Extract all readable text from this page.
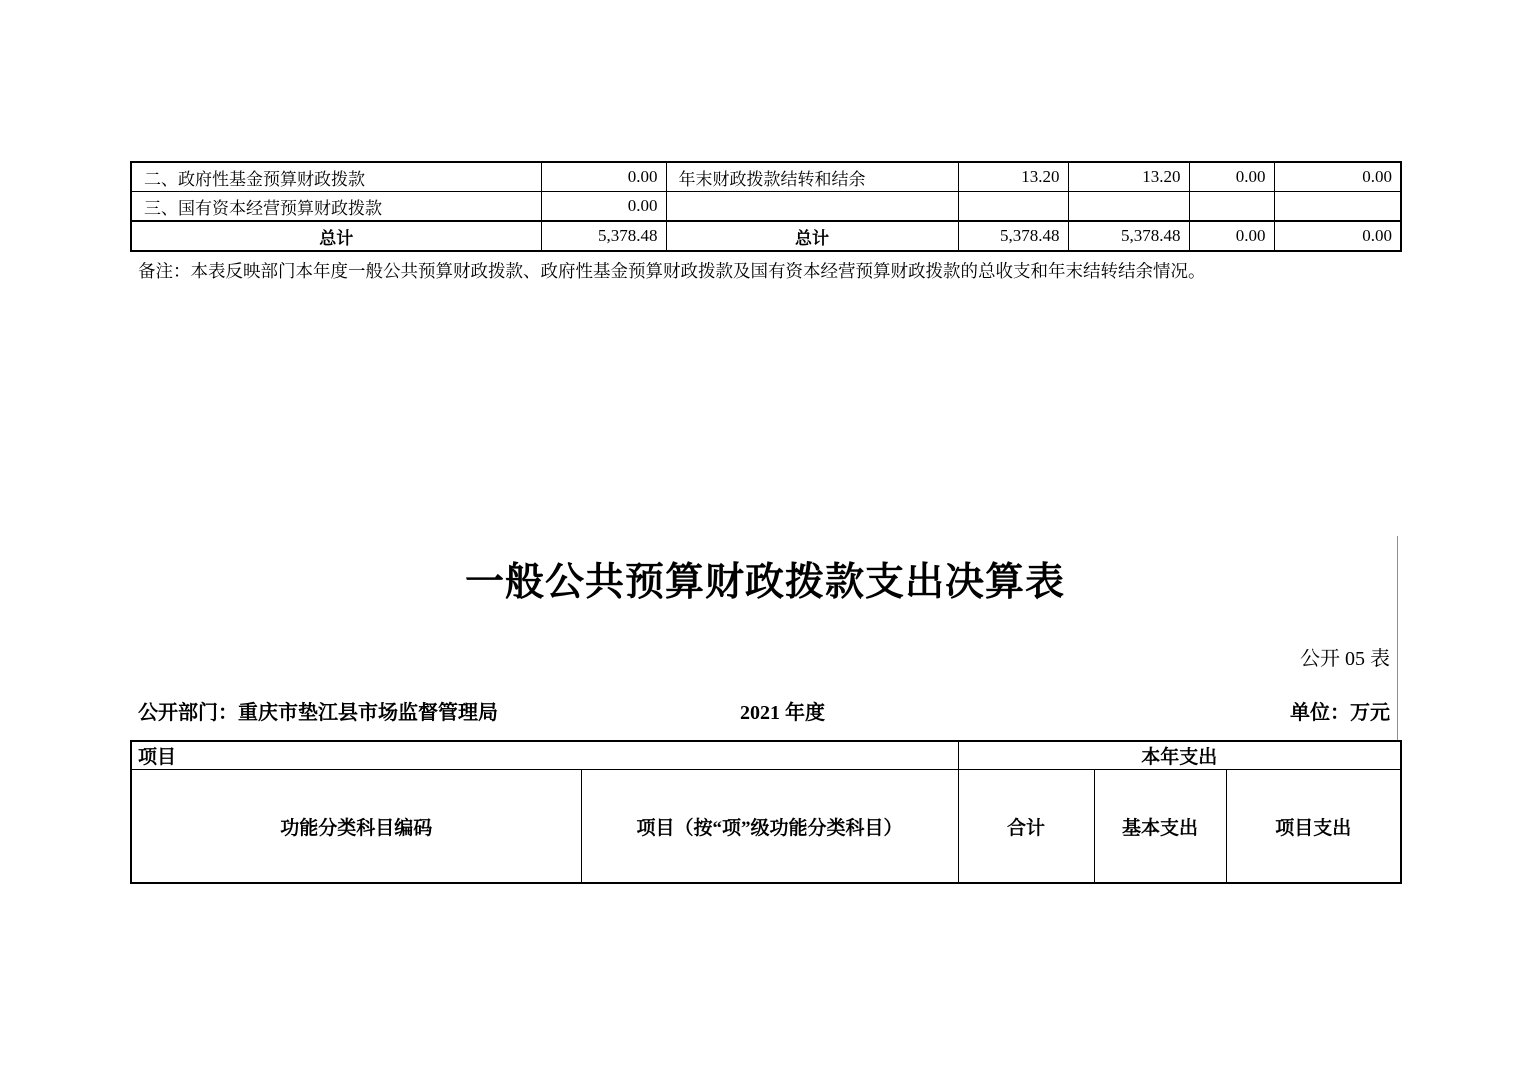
二、政府性基金预算财政拨款	0.00	年末财政拨款结转和结余	13.20	13.20	0.00	0.00
三、国有资本经营预算财政拨款	0.00					
总计	5,378.48	总计	5,378.48	5,378.48	0.00	0.00
备注：本表反映部门本年度一般公共预算财政拨款、政府性基金预算财政拨款及国有资本经营预算财政拨款的总收支和年末结转结余情况。
一般公共预算财政拨款支出决算表
公开 05 表
公开部门：重庆市垫江县市场监督管理局	2021 年度	单位：万元
项目		本年支出		
功能分类科目编码	项目（按“项”级功能分类科目）	合计	基本支出	项目支出
